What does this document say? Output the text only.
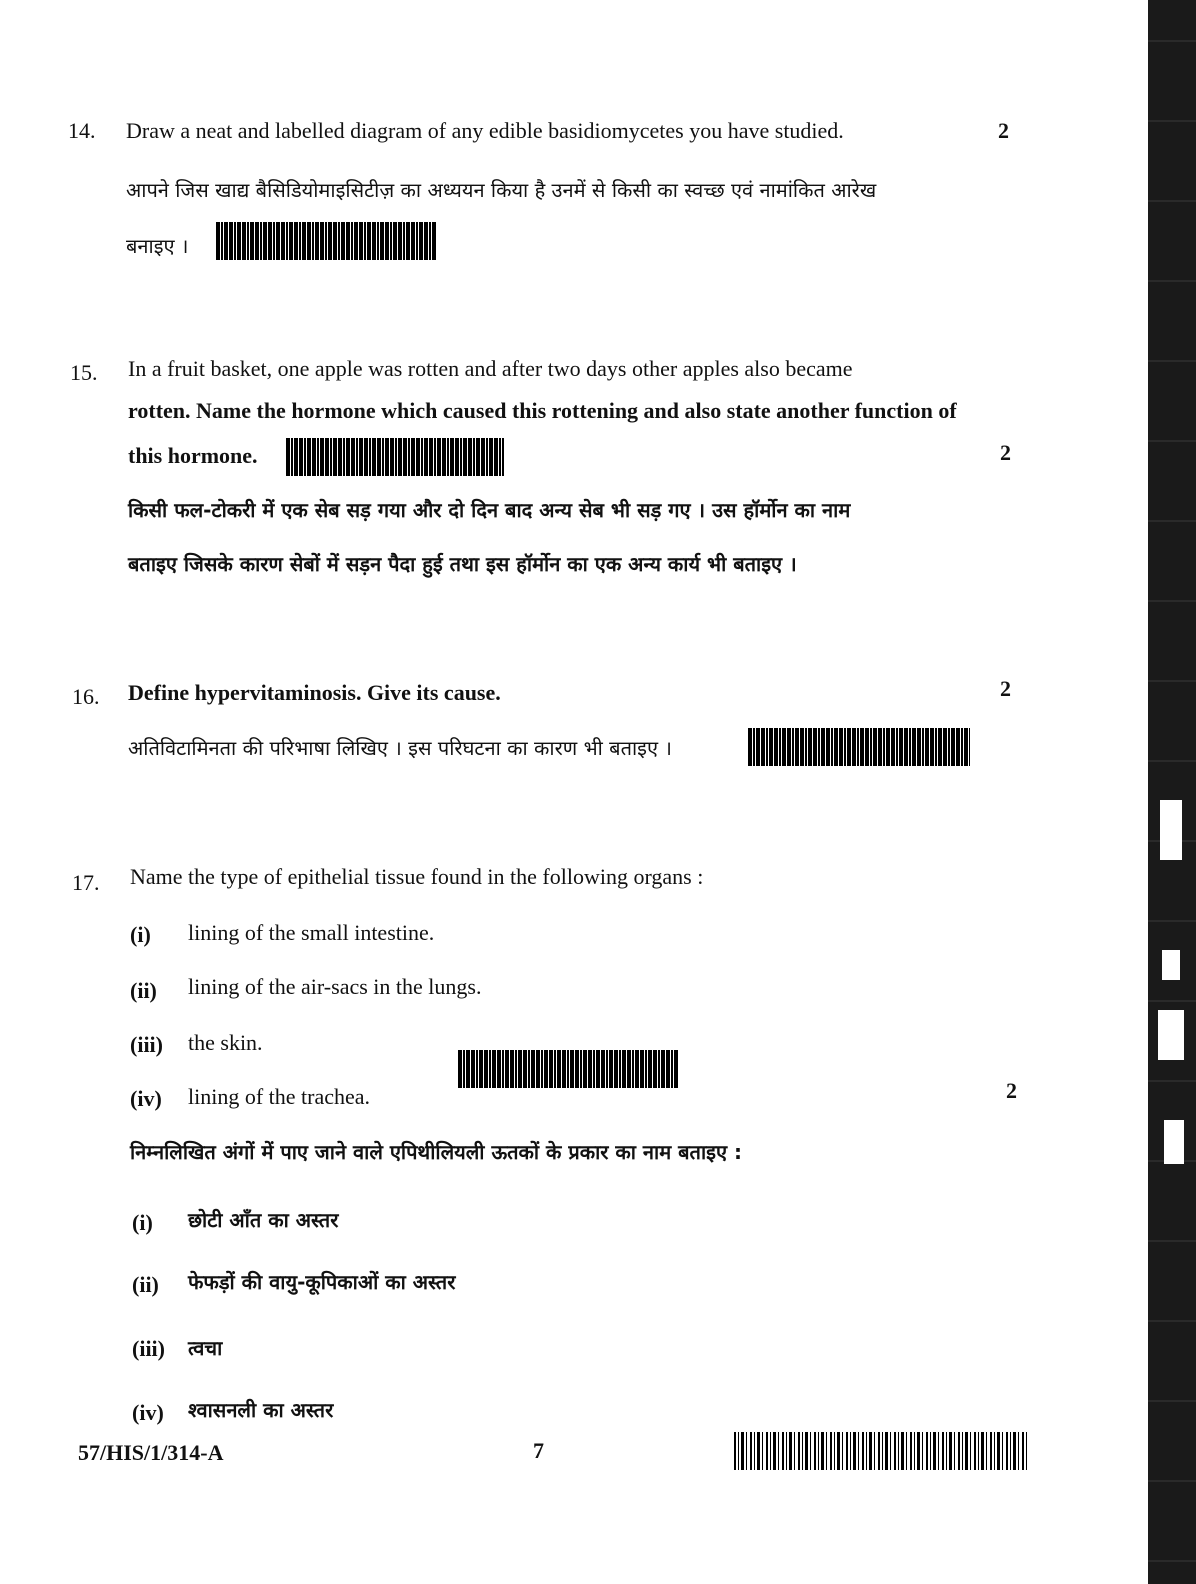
14. Draw a neat and labelled diagram of any edible basidiomycetes you have studied.	2
आपने जिस खाद्य बैसिडियोमाइसिटीज़ का अध्ययन किया है उनमें से किसी का स्वच्छ एवं नामांकित आरेख
बनाइए ।
15. In a fruit basket, one apple was rotten and after two days other apples also became
rotten. Name the hormone which caused this rottening and also state another function of
this hormone.	2
किसी फल-टोकरी में एक सेब सड़ गया और दो दिन बाद अन्य सेब भी सड़ गए । उस हॉर्मोन का नाम
बताइए जिसके कारण सेबों में सड़न पैदा हुई तथा इस हॉर्मोन का एक अन्य कार्य भी बताइए ।
16. Define hypervitaminosis. Give its cause.	2
अतिविटामिनता की परिभाषा लिखिए । इस परिघटना का कारण भी बताइए ।
17. Name the type of epithelial tissue found in the following organs :
(i) lining of the small intestine.
(ii) lining of the air-sacs in the lungs.
(iii) the skin.
(iv) lining of the trachea.	2
निम्नलिखित अंगों में पाए जाने वाले एपिथीलियली ऊतकों के प्रकार का नाम बताइए :
(i) छोटी आँत का अस्तर
(ii) फेफड़ों की वायु-कूपिकाओं का अस्तर
(iii) त्वचा
(iv) श्वासनली का अस्तर
57/HIS/1/314-A	7
